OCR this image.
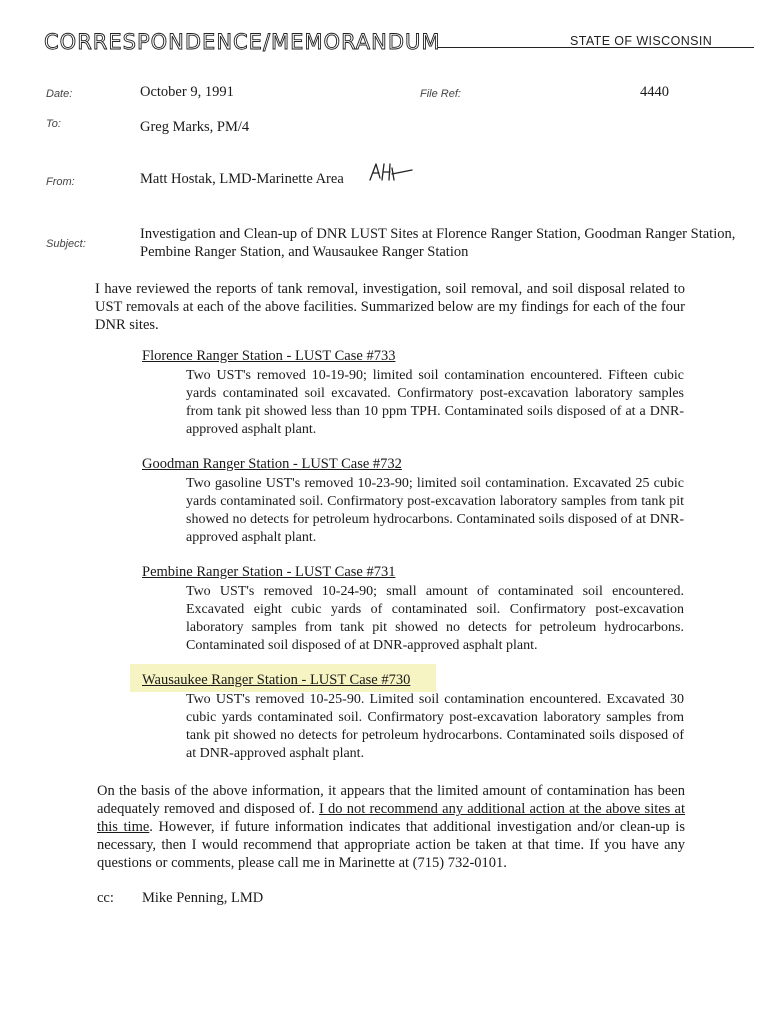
CORRESPONDENCE/MEMORANDUM	STATE OF WISCONSIN
Date:	October 9, 1991	File Ref:	4440
To:	Greg Marks, PM/4
From:	Matt Hostak, LMD-Marinette Area
Subject:
Investigation and Clean-up of DNR LUST Sites at Florence Ranger Station, Goodman Ranger Station, Pembine Ranger Station, and Wausaukee Ranger Station
I have reviewed the reports of tank removal, investigation, soil removal, and soil disposal related to UST removals at each of the above facilities. Summarized below are my findings for each of the four DNR sites.
Florence Ranger Station - LUST Case #733
Two UST's removed 10-19-90; limited soil contamination encountered. Fifteen cubic yards contaminated soil excavated. Confirmatory post-excavation laboratory samples from tank pit showed less than 10 ppm TPH. Contaminated soils disposed of at a DNR-approved asphalt plant.
Goodman Ranger Station - LUST Case #732
Two gasoline UST's removed 10-23-90; limited soil contamination. Excavated 25 cubic yards contaminated soil. Confirmatory post-excavation laboratory samples from tank pit showed no detects for petroleum hydrocarbons. Contaminated soils disposed of at DNR-approved asphalt plant.
Pembine Ranger Station - LUST Case #731
Two UST's removed 10-24-90; small amount of contaminated soil encountered. Excavated eight cubic yards of contaminated soil. Confirmatory post-excavation laboratory samples from tank pit showed no detects for petroleum hydrocarbons. Contaminated soil disposed of at DNR-approved asphalt plant.
Wausaukee Ranger Station - LUST Case #730
Two UST's removed 10-25-90. Limited soil contamination encountered. Excavated 30 cubic yards contaminated soil. Confirmatory post-excavation laboratory samples from tank pit showed no detects for petroleum hydrocarbons. Contaminated soils disposed of at DNR-approved asphalt plant.
On the basis of the above information, it appears that the limited amount of contamination has been adequately removed and disposed of. I do not recommend any additional action at the above sites at this time. However, if future information indicates that additional investigation and/or clean-up is necessary, then I would recommend that appropriate action be taken at that time. If you have any questions or comments, please call me in Marinette at (715) 732-0101.
cc: Mike Penning, LMD
